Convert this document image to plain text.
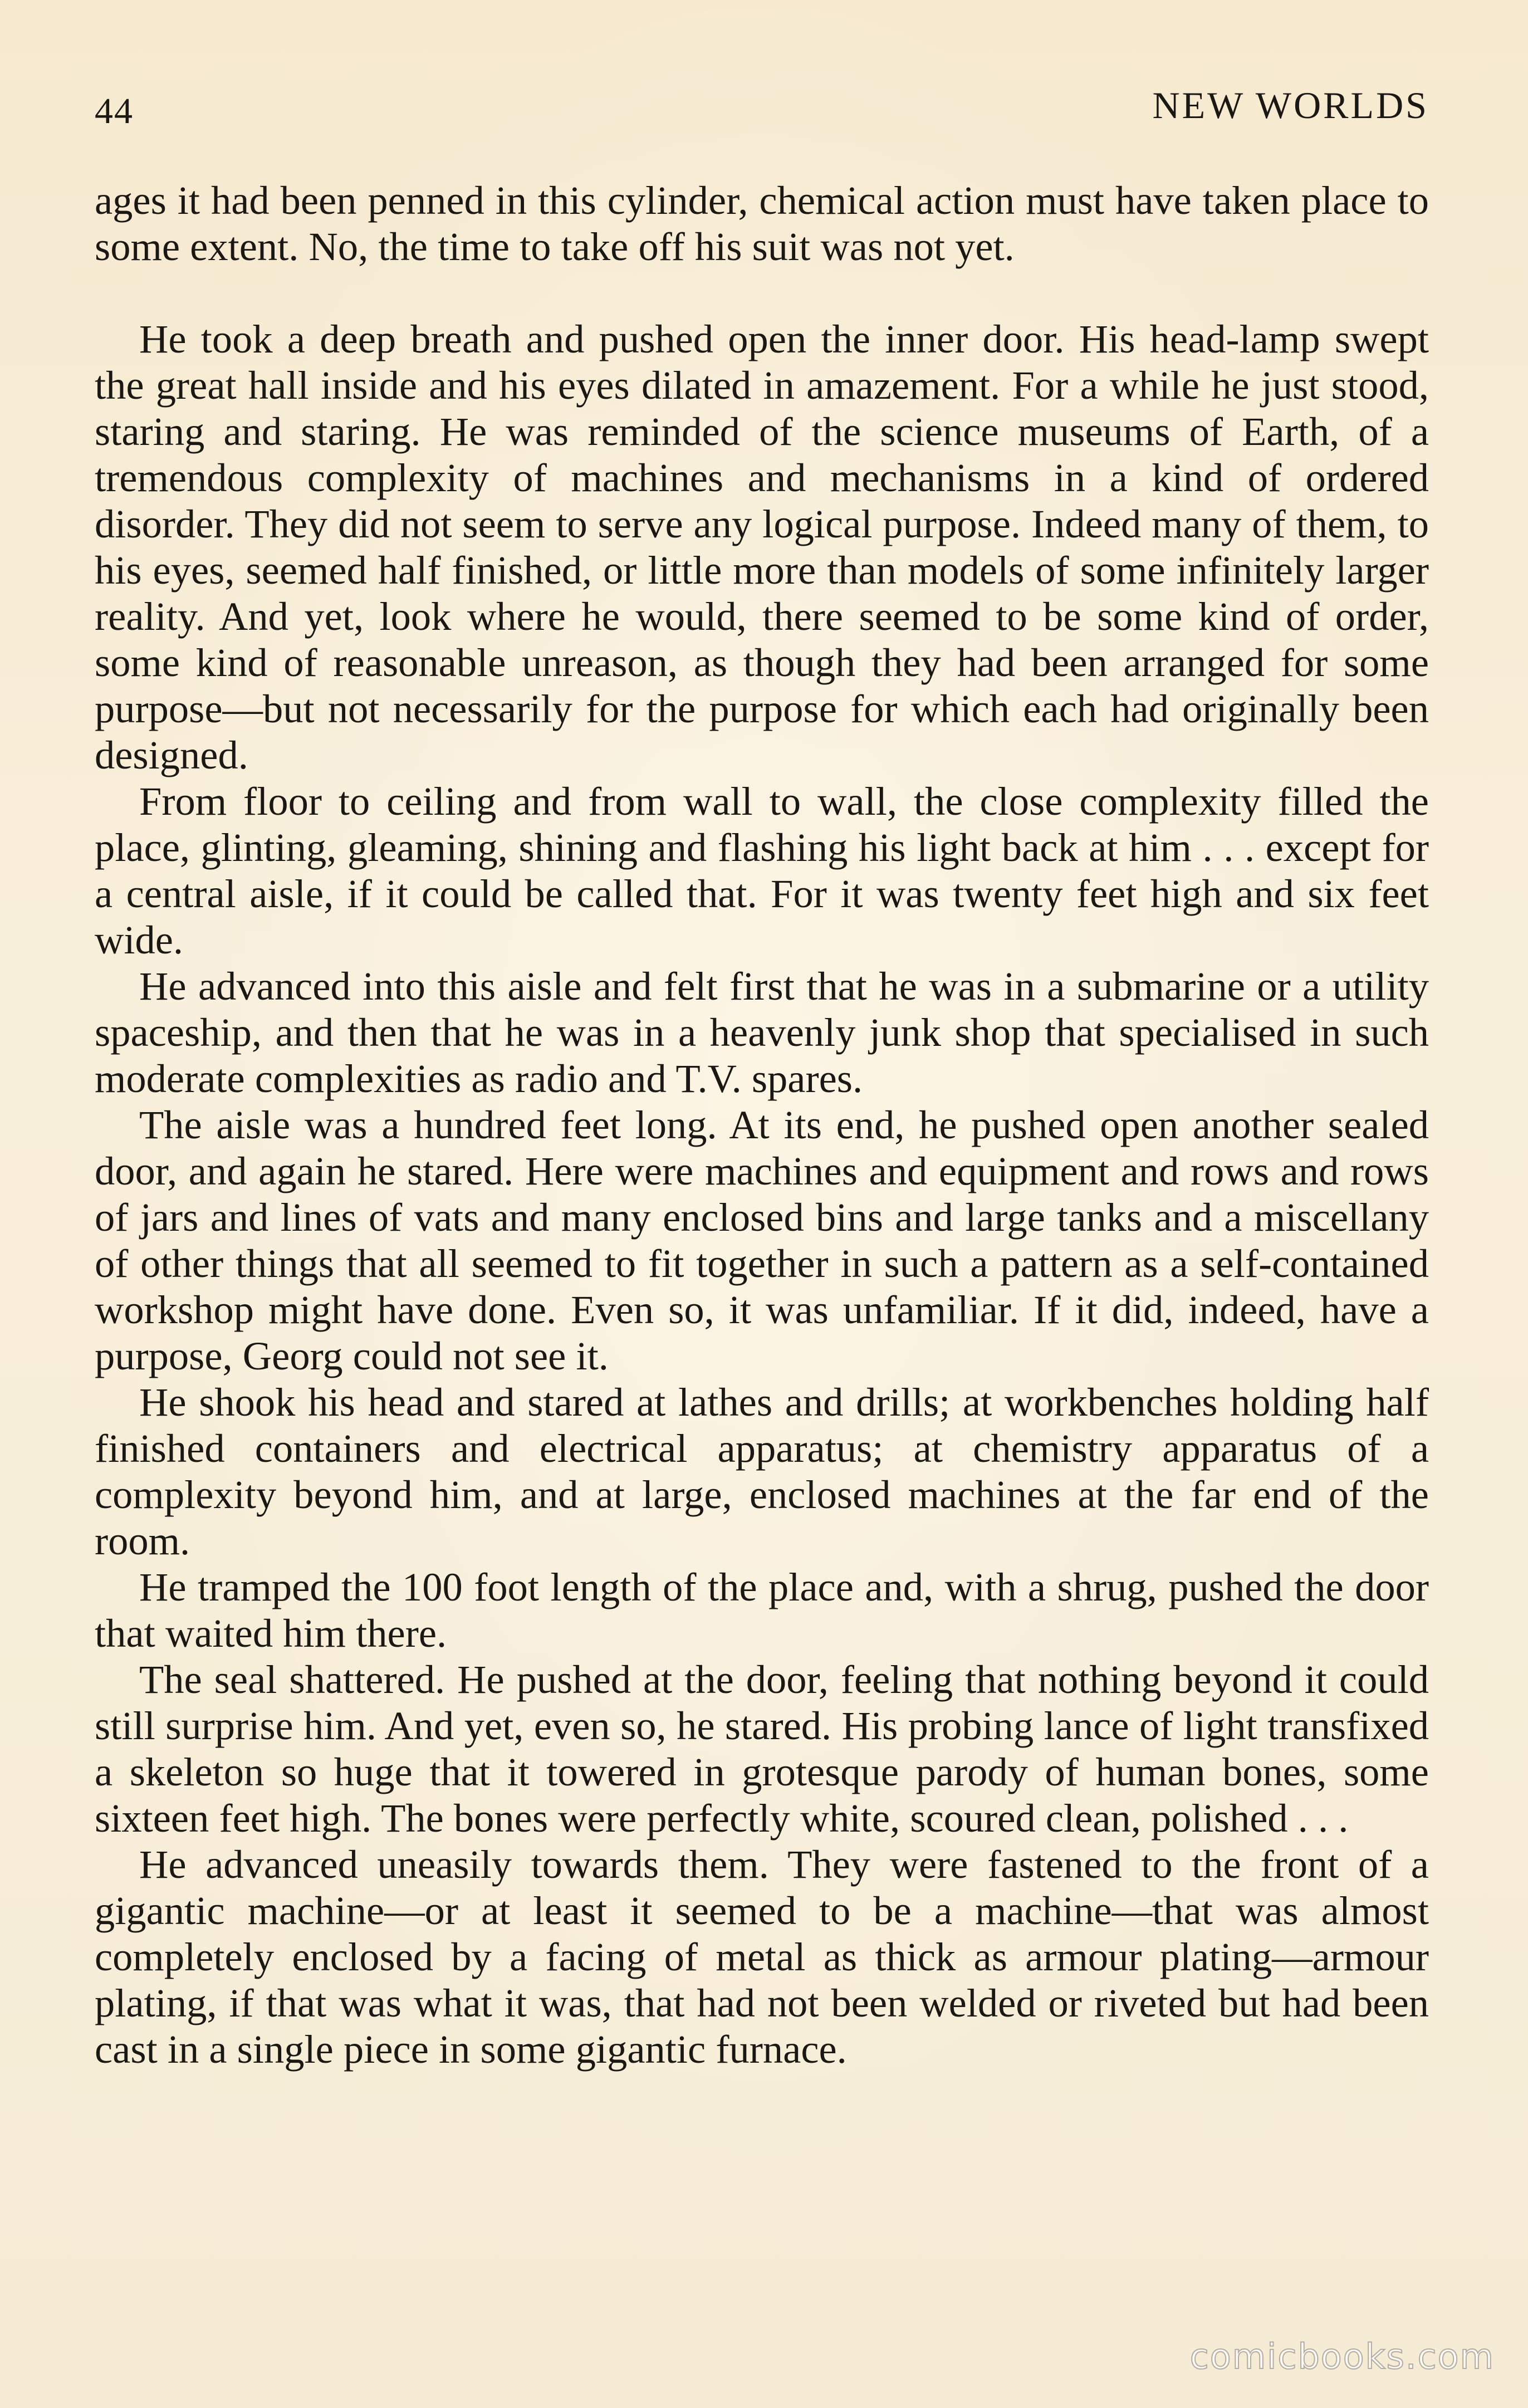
44	NEW WORLDS

ages it had been penned in this cylinder, chemical action must have taken place to some extent. No, the time to take off his suit was not yet.

He took a deep breath and pushed open the inner door. His head-lamp swept the great hall inside and his eyes dilated in amazement. For a while he just stood, staring and staring. He was reminded of the science museums of Earth, of a tremendous complexity of machines and mechanisms in a kind of ordered disorder. They did not seem to serve any logical purpose. Indeed many of them, to his eyes, seemed half finished, or little more than models of some infinitely larger reality. And yet, look where he would, there seemed to be some kind of order, some kind of reasonable unreason, as though they had been arranged for some purpose—but not necessarily for the purpose for which each had originally been designed.

From floor to ceiling and from wall to wall, the close complexity filled the place, glinting, gleaming, shining and flashing his light back at him . . . except for a central aisle, if it could be called that. For it was twenty feet high and six feet wide.

He advanced into this aisle and felt first that he was in a submarine or a utility spaceship, and then that he was in a heavenly junk shop that specialised in such moderate complexities as radio and T.V. spares.

The aisle was a hundred feet long. At its end, he pushed open another sealed door, and again he stared. Here were machines and equipment and rows and rows of jars and lines of vats and many enclosed bins and large tanks and a miscellany of other things that all seemed to fit together in such a pattern as a self-contained workshop might have done. Even so, it was unfamiliar. If it did, indeed, have a purpose, Georg could not see it.

He shook his head and stared at lathes and drills; at workbenches holding half finished containers and electrical apparatus; at chemistry apparatus of a complexity beyond him, and at large, enclosed machines at the far end of the room.

He tramped the 100 foot length of the place and, with a shrug, pushed the door that waited him there.

The seal shattered. He pushed at the door, feeling that nothing beyond it could still surprise him. And yet, even so, he stared. His probing lance of light transfixed a skeleton so huge that it towered in grotesque parody of human bones, some sixteen feet high. The bones were perfectly white, scoured clean, polished . . .

He advanced uneasily towards them. They were fastened to the front of a gigantic machine—or at least it seemed to be a machine—that was almost completely enclosed by a facing of metal as thick as armour plating—armour plating, if that was what it was, that had not been welded or riveted but had been cast in a single piece in some gigantic furnace.

comicbooks.com
